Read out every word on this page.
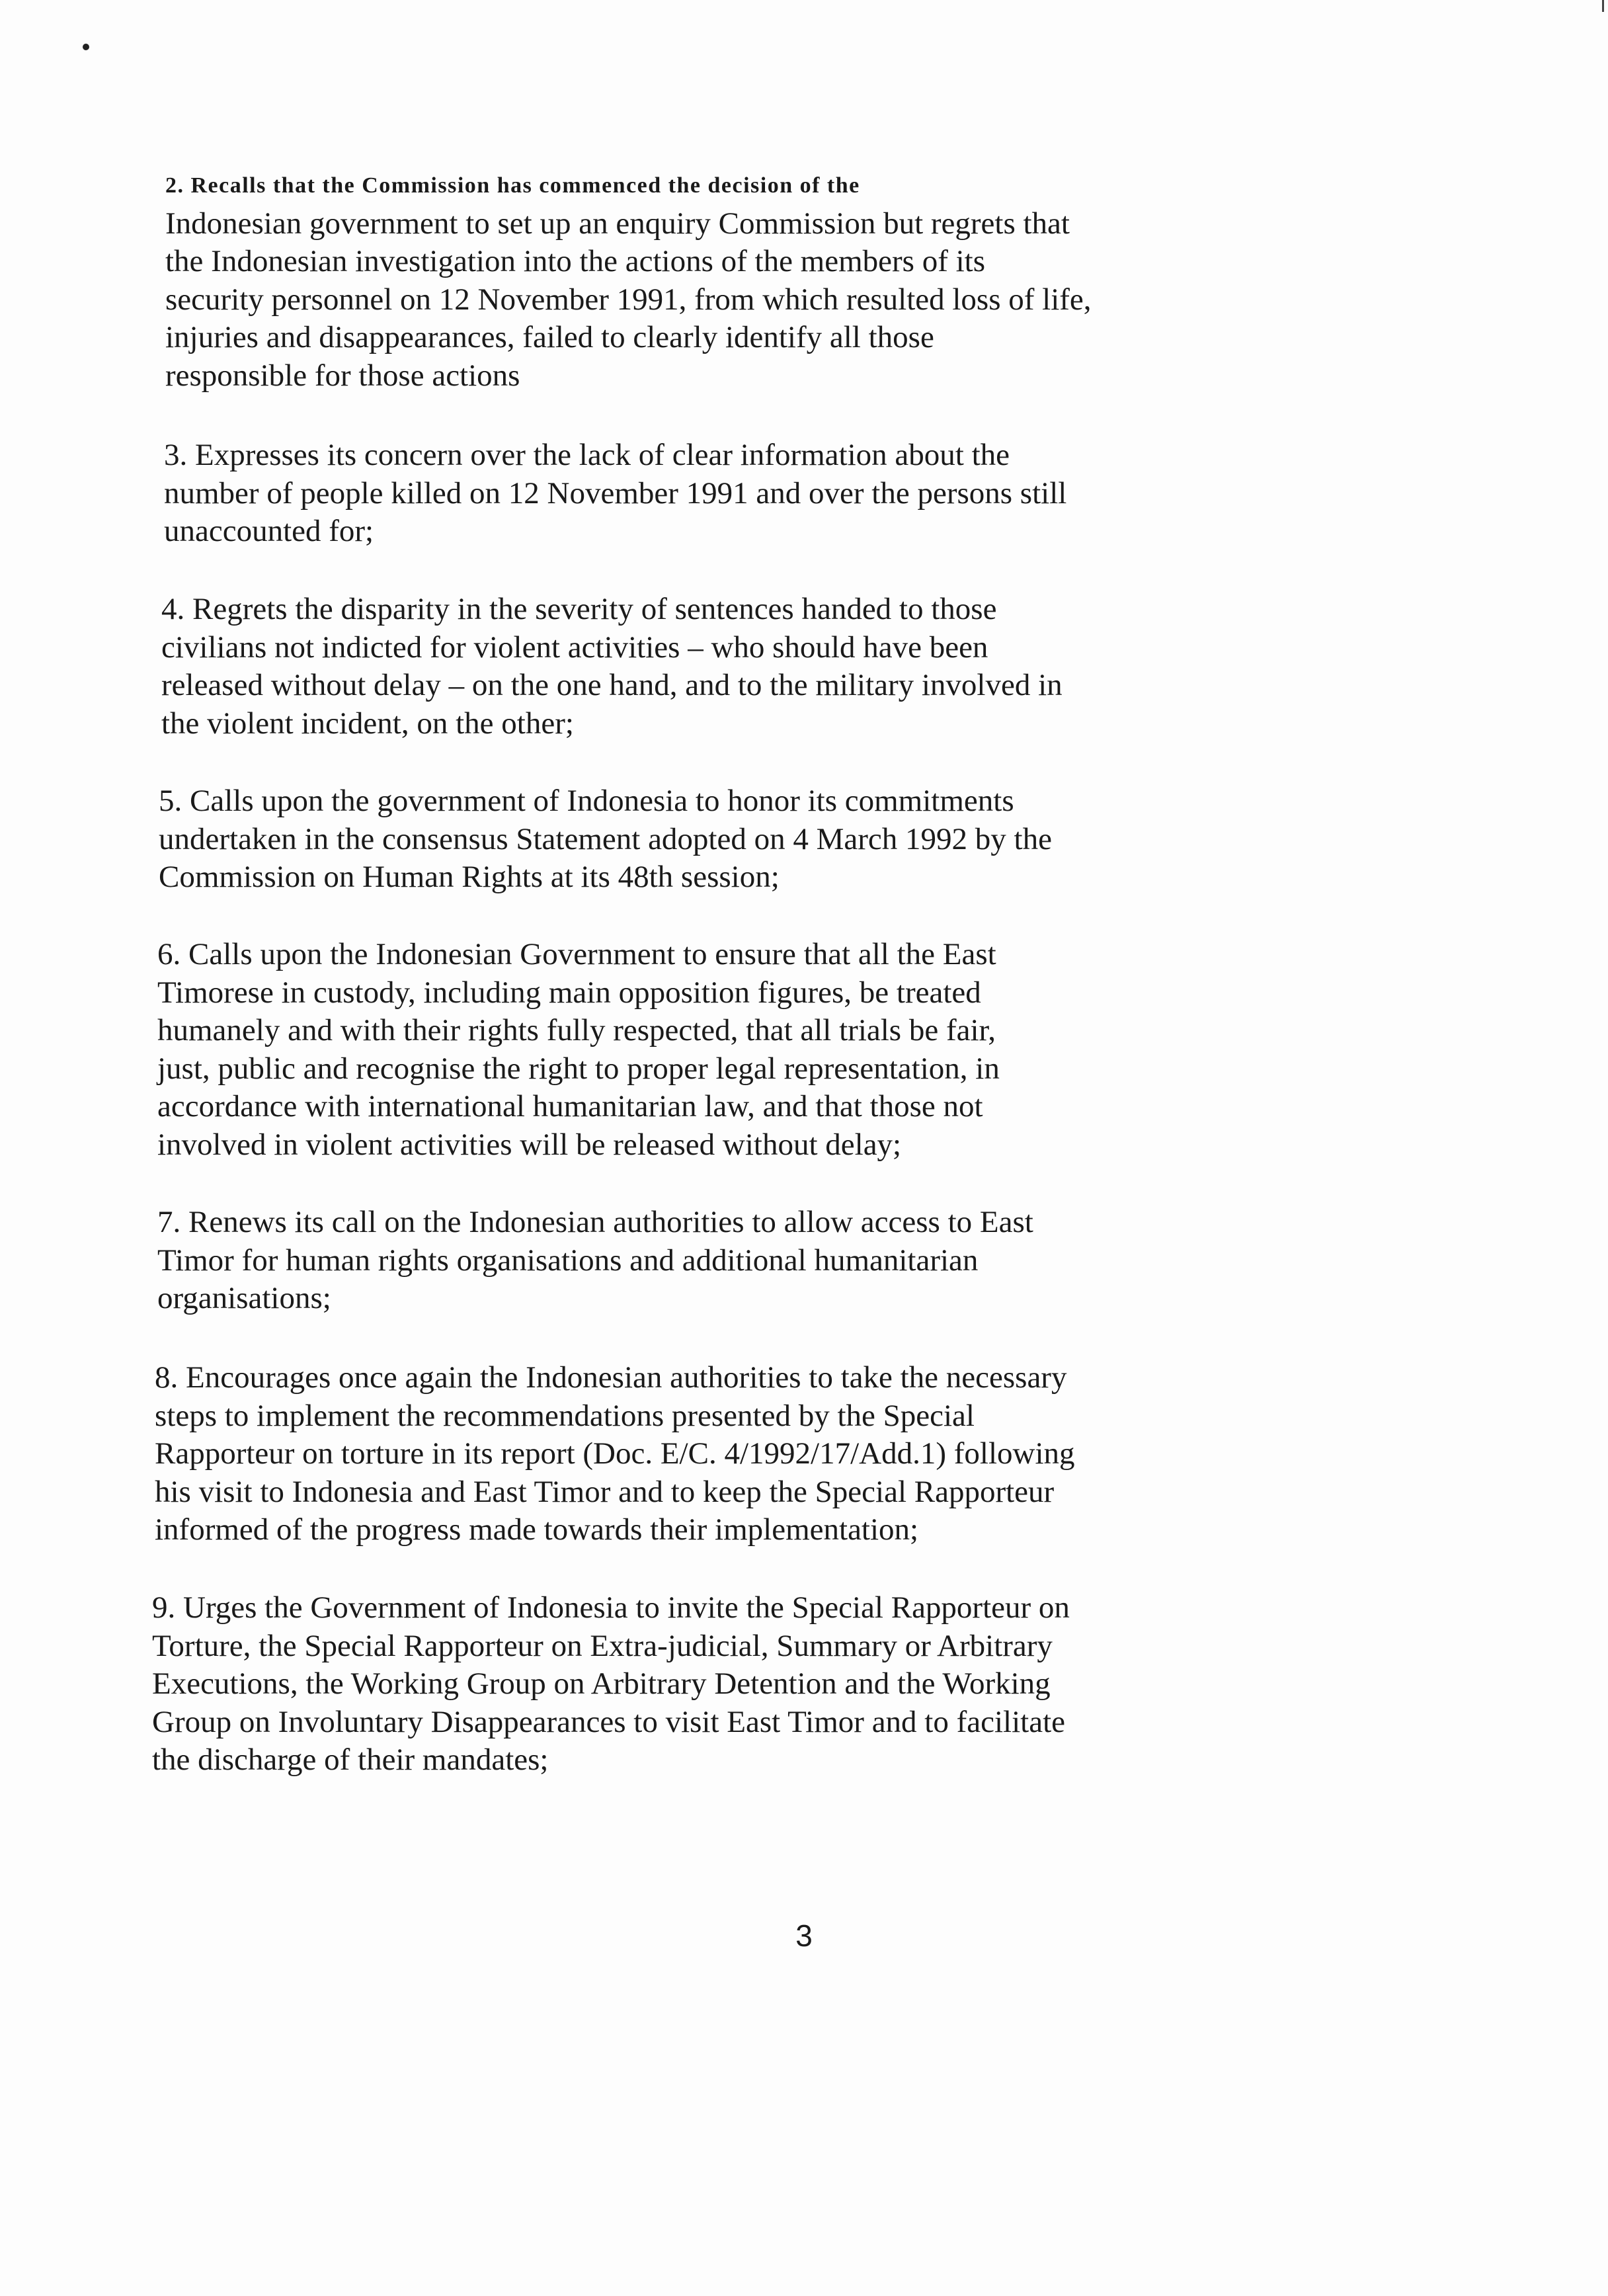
2. Recalls that the Commission has commenced the decision of the
Indonesian government to set up an enquiry Commission but regrets that
the Indonesian investigation into the actions of the members of its
security personnel on 12 November 1991, from which resulted loss of life,
injuries and disappearances, failed to clearly identify all those
responsible for those actions

3. Expresses its concern over the lack of clear information about the
number of people killed on 12 November 1991 and over the persons still
unaccounted for;

4. Regrets the disparity in the severity of sentences handed to those
civilians not indicted for violent activities – who should have been
released without delay – on the one hand, and to the military involved in
the violent incident, on the other;

5. Calls upon the government of Indonesia to honor its commitments
undertaken in the consensus Statement adopted on 4 March 1992 by the
Commission on Human Rights at its 48th session;

6. Calls upon the Indonesian Government to ensure that all the East
Timorese in custody, including main opposition figures, be treated
humanely and with their rights fully respected, that all trials be fair,
just, public and recognise the right to proper legal representation, in
accordance with international humanitarian law, and that those not
involved in violent activities will be released without delay;

7. Renews its call on the Indonesian authorities to allow access to East
Timor for human rights organisations and additional humanitarian
organisations;

8. Encourages once again the Indonesian authorities to take the necessary
steps to implement the recommendations presented by the Special
Rapporteur on torture in its report (Doc. E/C. 4/1992/17/Add.1) following
his visit to Indonesia and East Timor and to keep the Special Rapporteur
informed of the progress made towards their implementation;

9. Urges the Government of Indonesia to invite the Special Rapporteur on
Torture, the Special Rapporteur on Extra-judicial, Summary or Arbitrary
Executions, the Working Group on Arbitrary Detention and the Working
Group on Involuntary Disappearances to visit East Timor and to facilitate
the discharge of their mandates;

3
